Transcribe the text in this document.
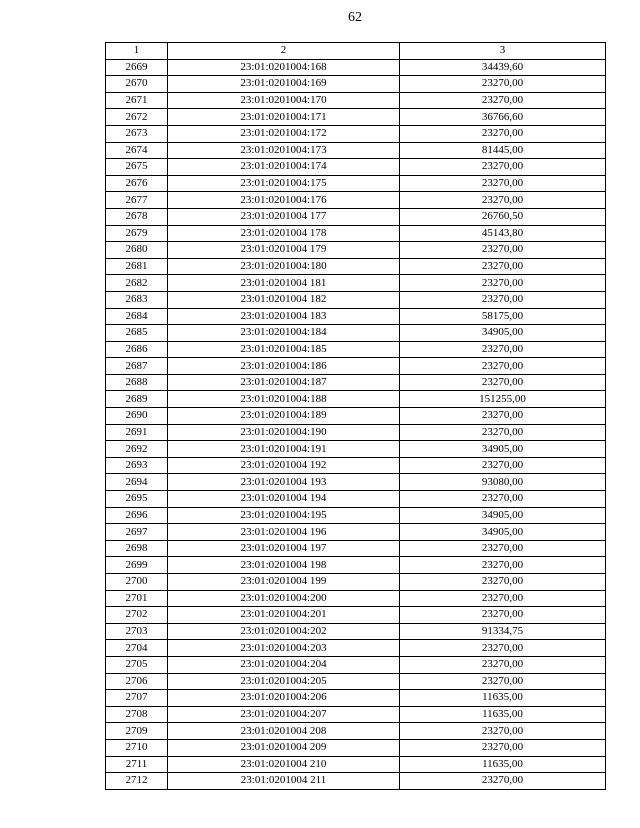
62
1	2	3
2669	23:01:0201004:168	34439,60
2670	23:01:0201004:169	23270,00
2671	23:01:0201004:170	23270,00
2672	23:01:0201004:171	36766,60
2673	23:01:0201004:172	23270,00
2674	23:01:0201004:173	81445,00
2675	23:01:0201004:174	23270,00
2676	23:01:0201004:175	23270,00
2677	23:01:0201004:176	23270,00
2678	23:01:0201004 177	26760,50
2679	23:01:0201004 178	45143,80
2680	23:01:0201004 179	23270,00
2681	23:01:0201004:180	23270,00
2682	23:01:0201004 181	23270,00
2683	23:01:0201004 182	23270,00
2684	23:01:0201004 183	58175,00
2685	23:01:0201004:184	34905,00
2686	23:01:0201004:185	23270,00
2687	23:01:0201004:186	23270,00
2688	23:01:0201004:187	23270,00
2689	23:01:0201004:188	151255,00
2690	23:01:0201004:189	23270,00
2691	23:01:0201004:190	23270,00
2692	23:01:0201004:191	34905,00
2693	23:01:0201004 192	23270,00
2694	23:01:0201004 193	93080,00
2695	23:01:0201004 194	23270,00
2696	23:01:0201004:195	34905,00
2697	23:01:0201004 196	34905,00
2698	23:01:0201004 197	23270,00
2699	23:01:0201004 198	23270,00
2700	23:01:0201004 199	23270,00
2701	23:01:0201004:200	23270,00
2702	23:01:0201004:201	23270,00
2703	23:01:0201004:202	91334,75
2704	23:01:0201004:203	23270,00
2705	23:01:0201004:204	23270,00
2706	23:01:0201004:205	23270,00
2707	23:01:0201004:206	11635,00
2708	23:01:0201004:207	11635,00
2709	23:01:0201004 208	23270,00
2710	23:01:0201004 209	23270,00
2711	23:01:0201004 210	11635,00
2712	23:01:0201004 211	23270,00
